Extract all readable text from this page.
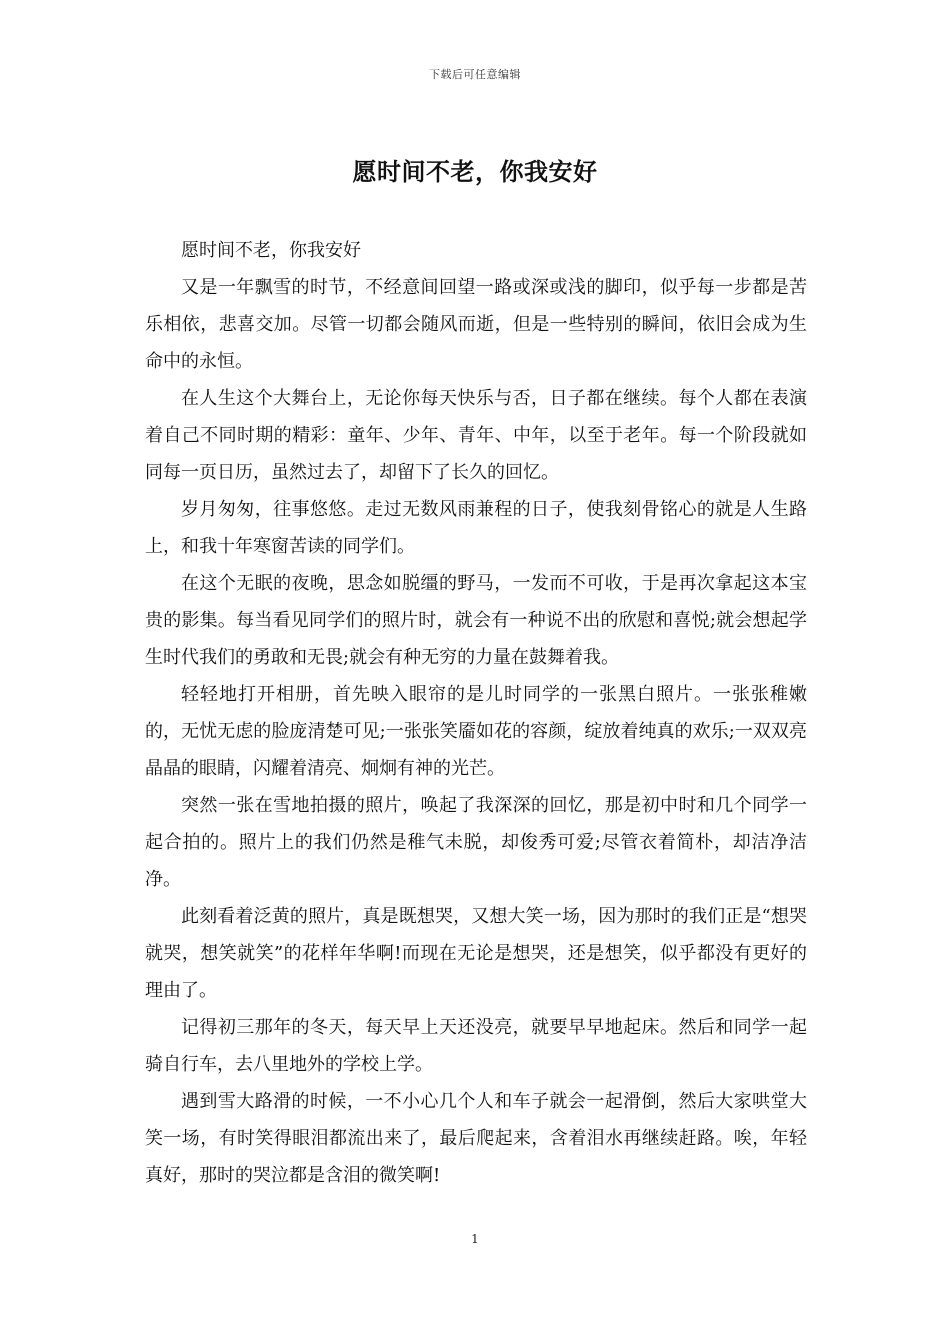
下载后可任意编辑
愿时间不老，你我安好

愿时间不老，你我安好

又是一年飘雪的时节，不经意间回望一路或深或浅的脚印，似乎每一步都是苦乐相依，悲喜交加。尽管一切都会随风而逝，但是一些特别的瞬间，依旧会成为生命中的永恒。

在人生这个大舞台上，无论你每天快乐与否，日子都在继续。每个人都在表演着自己不同时期的精彩：童年、少年、青年、中年，以至于老年。每一个阶段就如同每一页日历，虽然过去了，却留下了长久的回忆。

岁月匆匆，往事悠悠。走过无数风雨兼程的日子，使我刻骨铭心的就是人生路上，和我十年寒窗苦读的同学们。

在这个无眠的夜晚，思念如脱缰的野马，一发而不可收，于是再次拿起这本宝贵的影集。每当看见同学们的照片时，就会有一种说不出的欣慰和喜悦;就会想起学生时代我们的勇敢和无畏;就会有种无穷的力量在鼓舞着我。

轻轻地打开相册，首先映入眼帘的是儿时同学的一张黑白照片。一张张稚嫩的，无忧无虑的脸庞清楚可见;一张张笑靥如花的容颜，绽放着纯真的欢乐;一双双亮晶晶的眼睛，闪耀着清亮、炯炯有神的光芒。

突然一张在雪地拍摄的照片，唤起了我深深的回忆，那是初中时和几个同学一起合拍的。照片上的我们仍然是稚气未脱，却俊秀可爱;尽管衣着简朴，却洁净洁净。

此刻看着泛黄的照片，真是既想哭，又想大笑一场，因为那时的我们正是“想哭就哭，想笑就笑”的花样年华啊!而现在无论是想哭，还是想笑，似乎都没有更好的理由了。

记得初三那年的冬天，每天早上天还没亮，就要早早地起床。然后和同学一起骑自行车，去八里地外的学校上学。

遇到雪大路滑的时候，一不小心几个人和车子就会一起滑倒，然后大家哄堂大笑一场，有时笑得眼泪都流出来了，最后爬起来，含着泪水再继续赶路。唉，年轻真好，那时的哭泣都是含泪的微笑啊!

1
